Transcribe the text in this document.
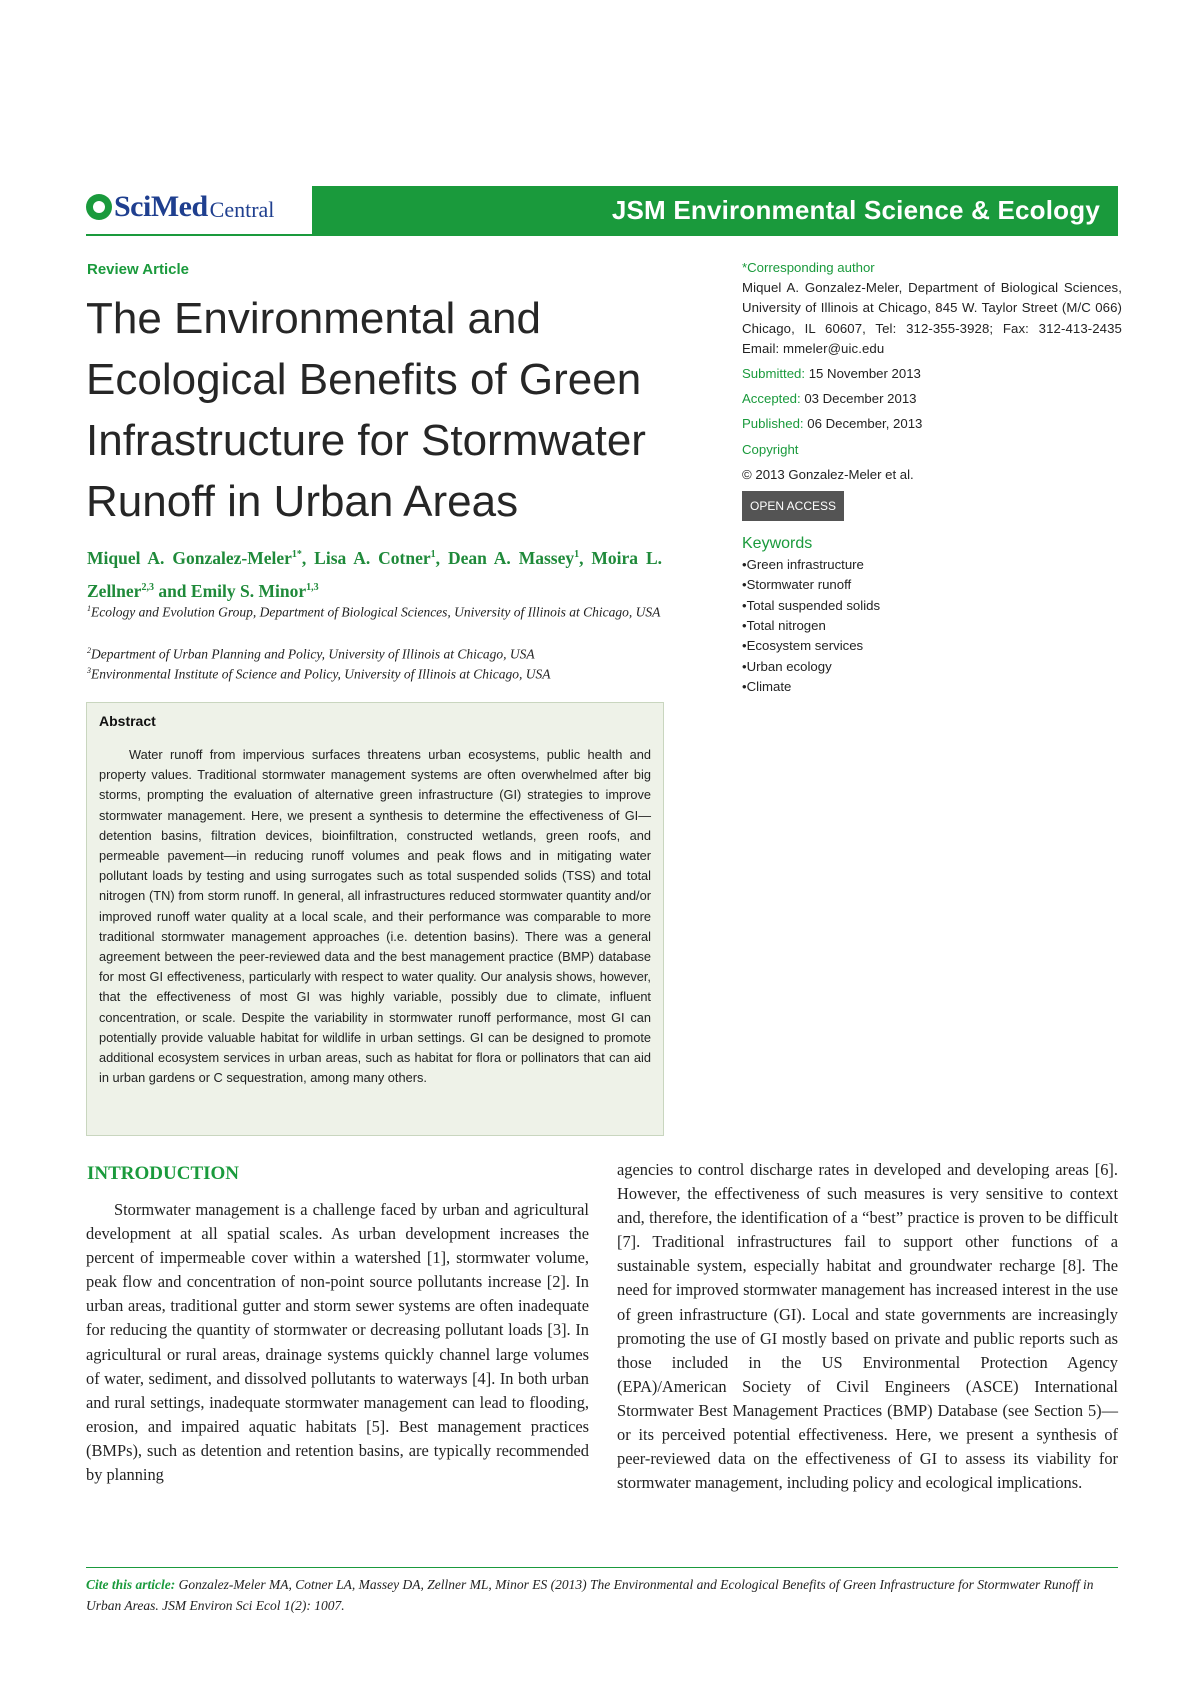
SciMed Central	JSM Environmental Science & Ecology
Review Article
The Environmental and Ecological Benefits of Green Infrastructure for Stormwater Runoff in Urban Areas
Miquel A. Gonzalez-Meler$^{1*}$, Lisa A. Cotner$^1$, Dean A. Massey$^1$, Moira L. Zellner$^{2,3}$ and Emily S. Minor$^{1,3}$
$^1$Ecology and Evolution Group, Department of Biological Sciences, University of Illinois at Chicago, USA
$^2$Department of Urban Planning and Policy, University of Illinois at Chicago, USA
$^3$Environmental Institute of Science and Policy, University of Illinois at Chicago, USA
Abstract

Water runoff from impervious surfaces threatens urban ecosystems, public health and property values. Traditional stormwater management systems are often overwhelmed after big storms, prompting the evaluation of alternative green infrastructure (GI) strategies to improve stormwater management. Here, we present a synthesis to determine the effectiveness of GI— detention basins, filtration devices, bioinfiltration, constructed wetlands, green roofs, and permeable pavement—in reducing runoff volumes and peak flows and in mitigating water pollutant loads by testing and using surrogates such as total suspended solids (TSS) and total nitrogen (TN) from storm runoff. In general, all infrastructures reduced stormwater quantity and/or improved runoff water quality at a local scale, and their performance was comparable to more traditional stormwater management approaches (i.e. detention basins). There was a general agreement between the peer-reviewed data and the best management practice (BMP) database for most GI effectiveness, particularly with respect to water quality. Our analysis shows, however, that the effectiveness of most GI was highly variable, possibly due to climate, influent concentration, or scale. Despite the variability in stormwater runoff performance, most GI can potentially provide valuable habitat for wildlife in urban settings. GI can be designed to promote additional ecosystem services in urban areas, such as habitat for flora or pollinators that can aid in urban gardens or C sequestration, among many others.

*Corresponding author

Miquel A. Gonzalez-Meler, Department of Biological Sciences, University of Illinois at Chicago, 845 W. Taylor Street (M/C 066) Chicago, IL 60607, Tel: 312-355-3928; Fax: 312-413-2435 Email: mmeler@uic.edu

Submitted: 15 November 2013

Accepted: 03 December 2013

Published: 06 December, 2013

Copyright

© 2013 Gonzalez-Meler et al.

OPEN ACCESS
Keywords
• Green infrastructure
• Stormwater runoff
• Total suspended solids
• Total nitrogen
• Ecosystem services
• Urban ecology
• Climate
INTRODUCTION

Stormwater management is a challenge faced by urban and agricultural development at all spatial scales. As urban development increases the percent of impermeable cover within a watershed [1], stormwater volume, peak flow and concentration of non-point source pollutants increase [2]. In urban areas, traditional gutter and storm sewer systems are often inadequate for reducing the quantity of stormwater or decreasing pollutant loads [3]. In agricultural or rural areas, drainage systems quickly channel large volumes of water, sediment, and dissolved pollutants to waterways [4]. In both urban and rural settings, inadequate stormwater management can lead to flooding, erosion, and impaired aquatic habitats [5]. Best management practices (BMPs), such as detention and retention basins, are typically recommended by planning

agencies to control discharge rates in developed and developing areas [6]. However, the effectiveness of such measures is very sensitive to context and, therefore, the identification of a “best” practice is proven to be difficult [7]. Traditional infrastructures fail to support other functions of a sustainable system, especially habitat and groundwater recharge [8]. The need for improved stormwater management has increased interest in the use of green infrastructure (GI). Local and state governments are increasingly promoting the use of GI mostly based on private and public reports such as those included in the US Environmental Protection Agency (EPA)/American Society of Civil Engineers (ASCE) International Stormwater Best Management Practices (BMP) Database (see Section 5)—or its perceived potential effectiveness. Here, we present a synthesis of peer-reviewed data on the effectiveness of GI to assess its viability for stormwater management, including policy and ecological implications.

Cite this article: Gonzalez-Meler MA, Cotner LA, Massey DA, Zellner ML, Minor ES (2013) The Environmental and Ecological Benefits of Green Infrastructure for Stormwater Runoff in Urban Areas. JSM Environ Sci Ecol 1(2): 1007.
